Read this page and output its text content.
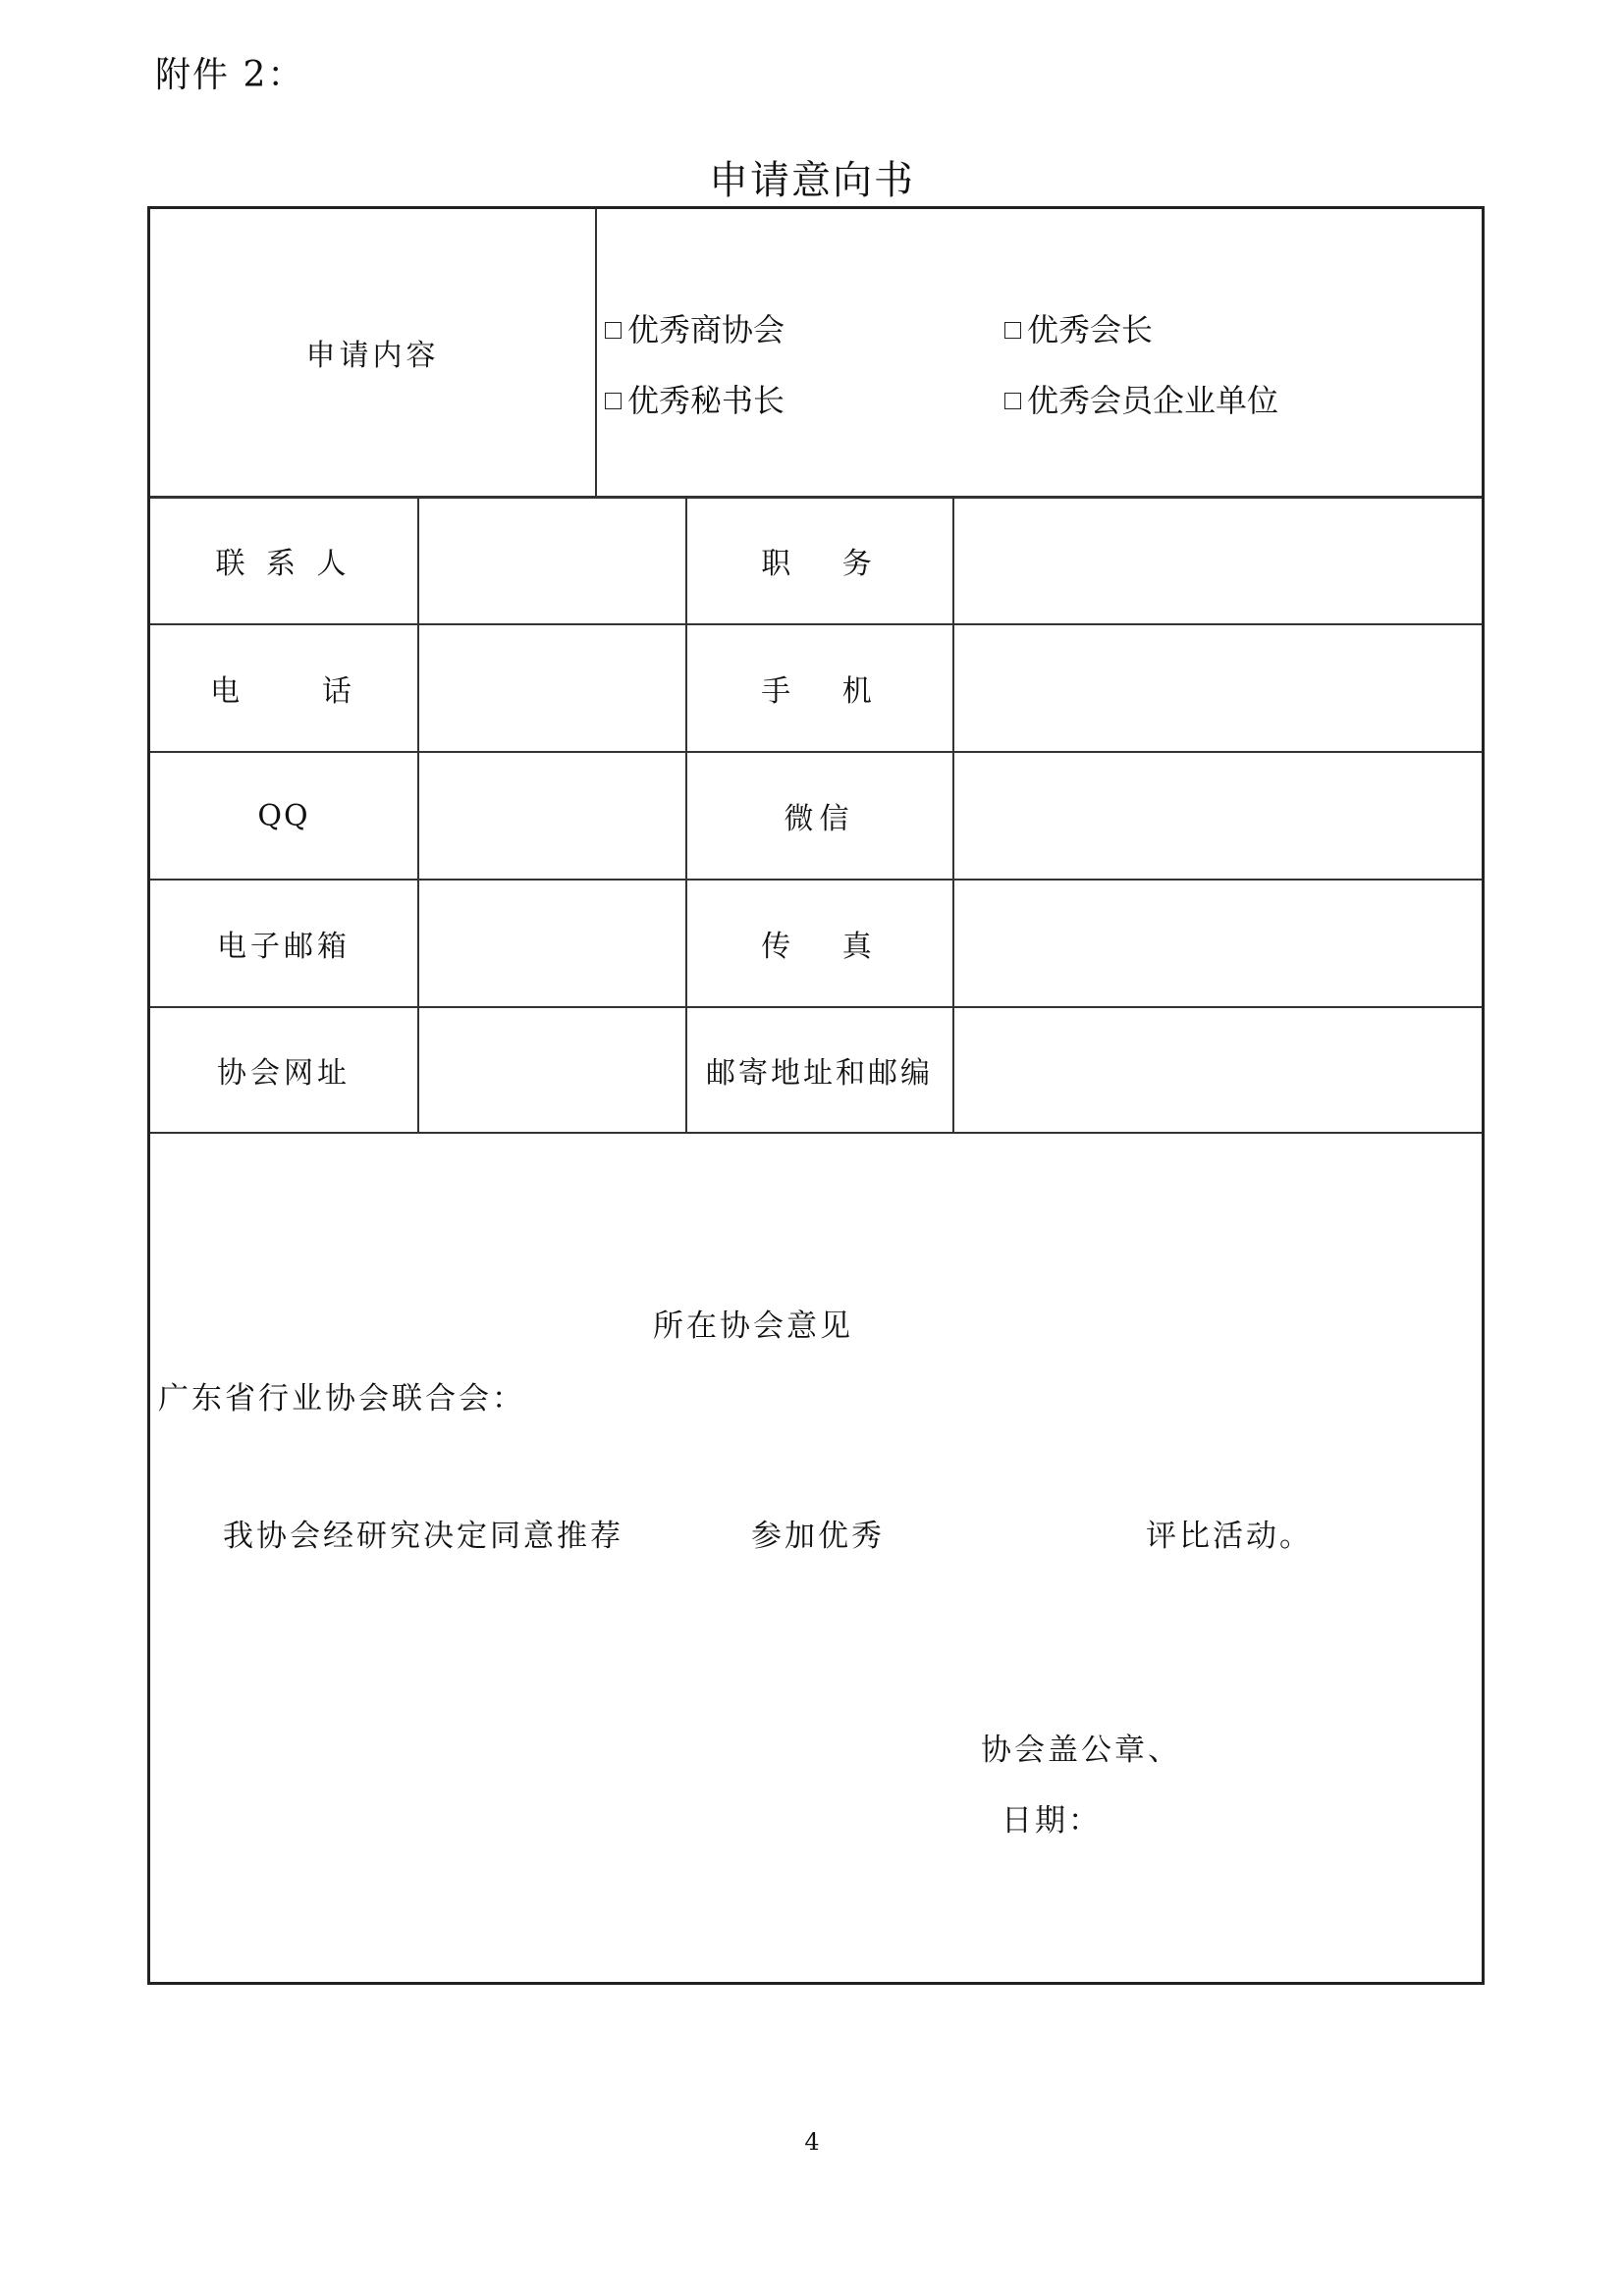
附件 2：
申请意向书
申请内容
优秀商协会	优秀会长
优秀秘书长	优秀会员企业单位
联 系 人	职   务
电     话	手   机
QQ	微信
电子邮箱	传   真
协会网址	邮寄地址和邮编
所在协会意见
广东省行业协会联合会：
我协会经研究决定同意推荐	参加优秀	评比活动。
协会盖公章、
日期：
4
